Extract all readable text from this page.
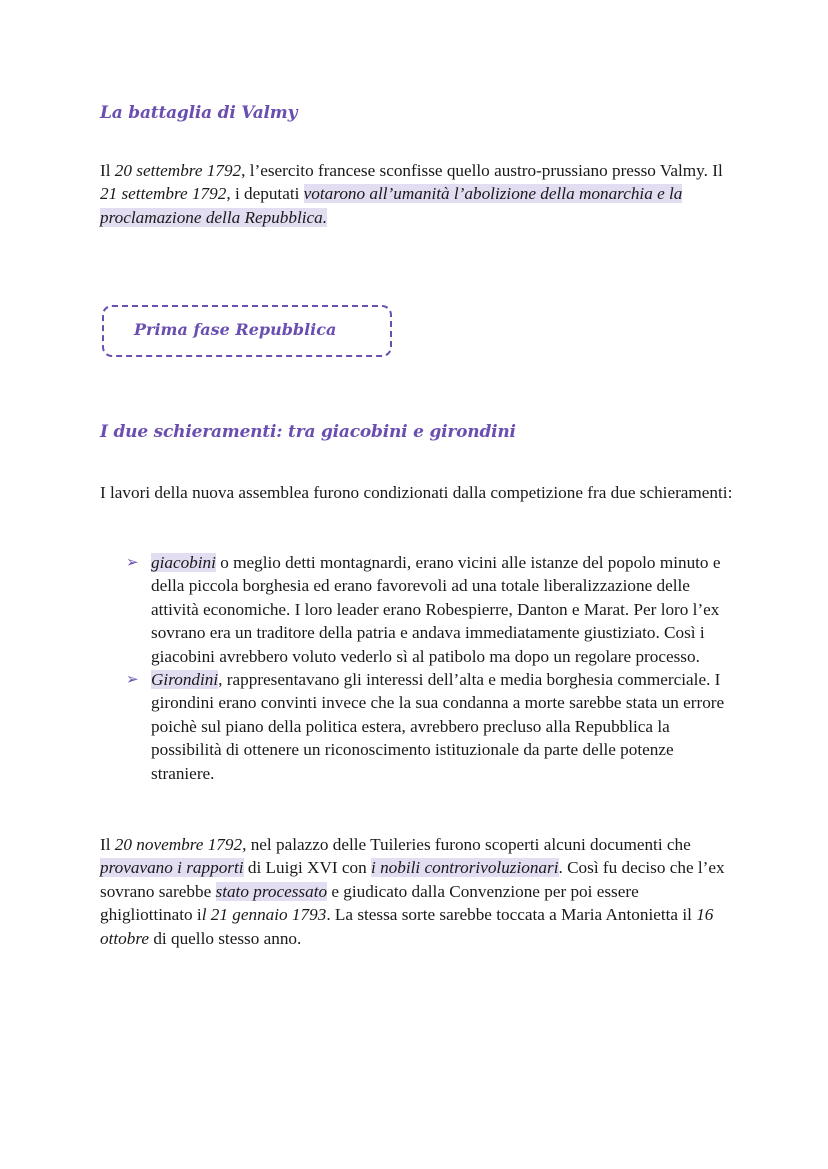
La battaglia di Valmy

Il 20 settembre 1792, l’esercito francese sconfisse quello austro-prussiano presso Valmy. Il 21 settembre 1792, i deputati votarono all’umanità l’abolizione della monarchia e la proclamazione della Repubblica.

Prima fase Repubblica
I due schieramenti: tra giacobini e girondini

I lavori della nuova assemblea furono condizionati dalla competizione fra due schieramenti:

➢ giacobini o meglio detti montagnardi, erano vicini alle istanze del popolo minuto e della piccola borghesia ed erano favorevoli ad una totale liberalizzazione delle attività economiche. I loro leader erano Robespierre, Danton e Marat. Per loro l’ex sovrano era un traditore della patria e andava immediatamente giustiziato. Così i giacobini avrebbero voluto vederlo sì al patibolo ma dopo un regolare processo.
➢ Girondini, rappresentavano gli interessi dell’alta e media borghesia commerciale. I girondini erano convinti invece che la sua condanna a morte sarebbe stata un errore poichè sul piano della politica estera, avrebbero precluso alla Repubblica la possibilità di ottenere un riconoscimento istituzionale da parte delle potenze straniere.

Il 20 novembre 1792, nel palazzo delle Tuileries furono scoperti alcuni documenti che provavano i rapporti di Luigi XVI con i nobili controrivoluzionari. Così fu deciso che l’ex sovrano sarebbe stato processato e giudicato dalla Convenzione per poi essere ghigliottinato il 21 gennaio 1793. La stessa sorte sarebbe toccata a Maria Antonietta il 16 ottobre di quello stesso anno.
